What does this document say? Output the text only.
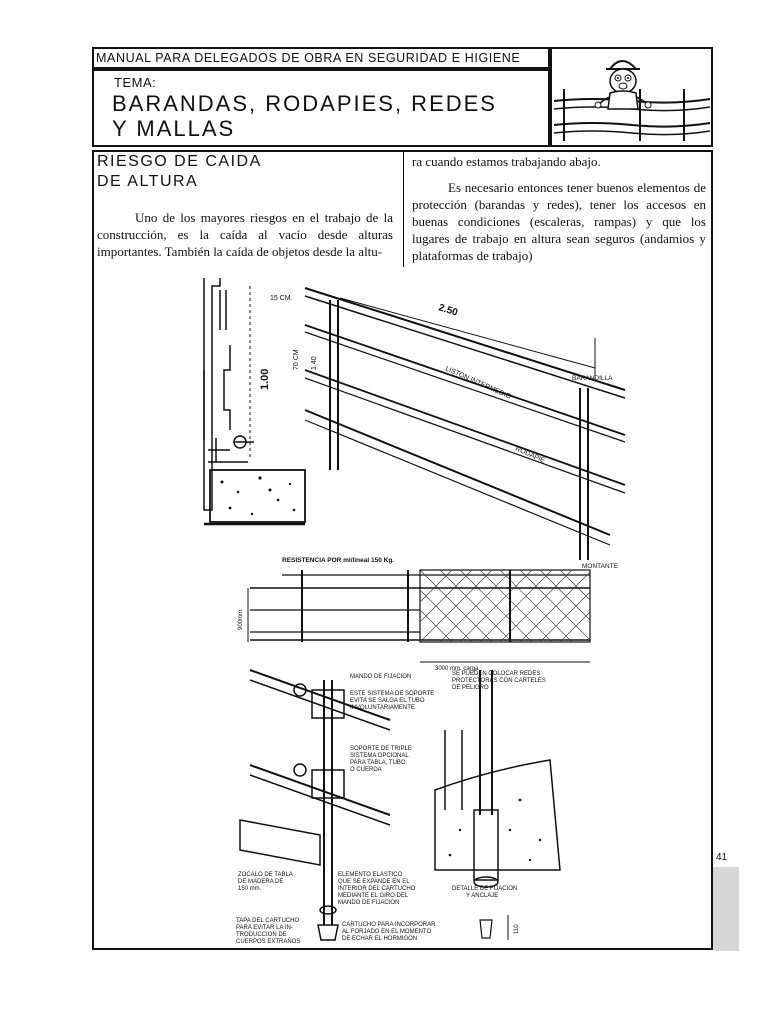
MANUAL PARA DELEGADOS DE OBRA EN SEGURIDAD E HIGIENE
TEMA:
BARANDAS, RODAPIES, REDES
Y MALLAS
RIESGO DE CAIDA
DE ALTURA
Uno de los mayores riesgos en el trabajo de la construcción, es la caída al vacío desde alturas importantes. También la caída de objetos desde la altu-
ra cuando estamos trabajando abajo.
Es necesario entonces tener buenos elementos de protección (barandas y redes), tener los accesos en buenas condiciones (escaleras, rampas) y que los lugares de trabajo en altura sean seguros (andamios y plataformas de trabajo)
15 CM.
1.00
70 CM 1.40
2.50
LISTON INTERMEDIO
RODAPIE
BARANDILLA
MONTANTE
RESISTENCIA POR ml/lineal 150 Kg.
900mm.
3000 mm. carga
MANDO DE FIJACION	SE PUEDEN COLOCAR REDES
PROTECTORAS CON CARTELES
DE PELIGRO
ESTE SISTEMA DE SOPORTE
EVITA SE SALGA EL TUBO
INVOLUNTARIAMENTE
SOPORTE DE TRIPLE
SISTEMA OPCIONAL
PARA TABLA, TUBO
O CUERDA
ZOCALO DE TABLA
DE MADERA DE
150 mm.
ELEMENTO ELASTICO
QUE SE EXPANDE EN EL
INTERIOR DEL CARTUCHO
MEDIANTE EL GIRO DEL
MANDO DE FIJACION
DETALLE DE FIJACION
Y ANCLAJE
TAPA DEL CARTUCHO
PARA EVITAR LA IN-
TRODUCCION DE
CUERPOS EXTRAÑOS
CARTUCHO PARA INCORPORAR
AL FORJADO EN EL MOMENTO
DE ECHAR EL HORMIGON
110
41
